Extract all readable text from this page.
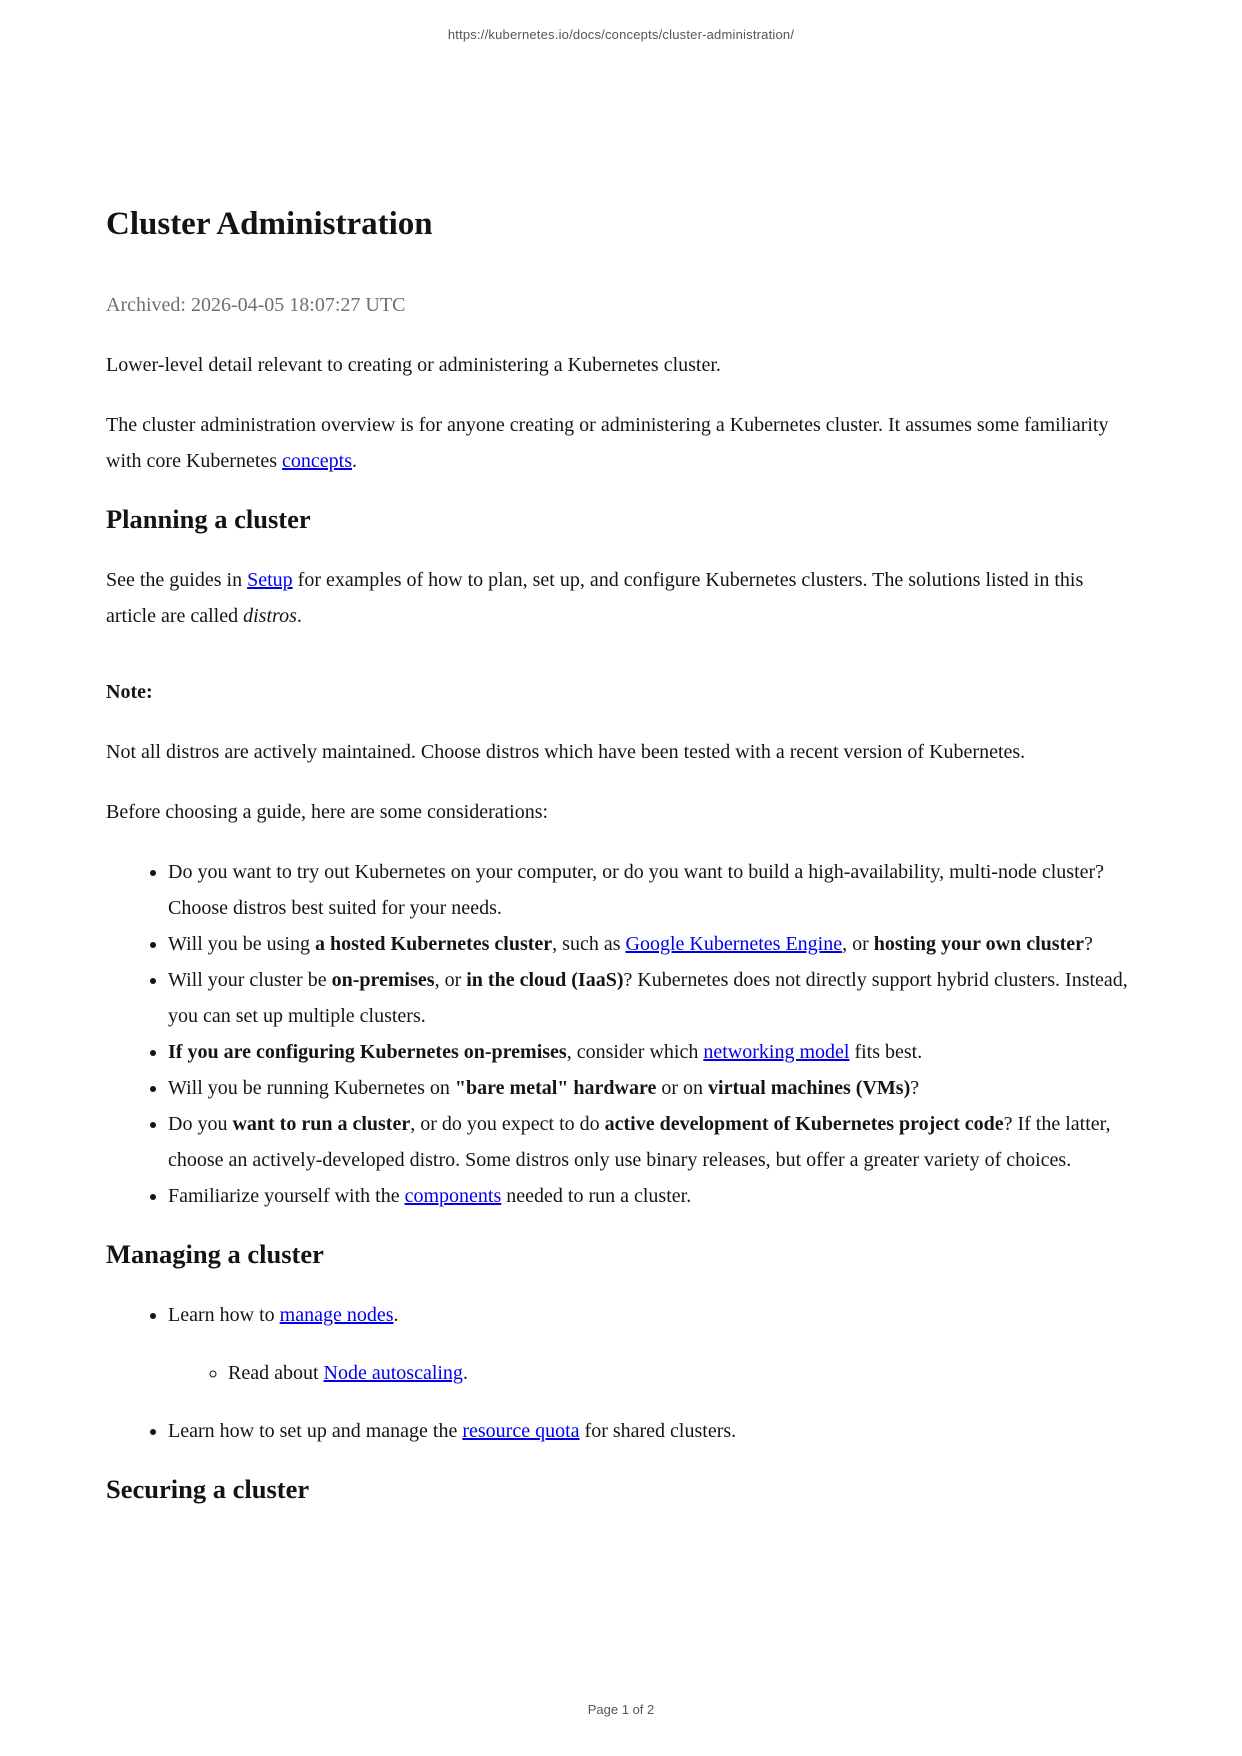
https://kubernetes.io/docs/concepts/cluster-administration/
Cluster Administration

Archived: 2026-04-05 18:07:27 UTC

Lower-level detail relevant to creating or administering a Kubernetes cluster.

The cluster administration overview is for anyone creating or administering a Kubernetes cluster. It assumes some familiarity with core Kubernetes concepts.

Planning a cluster

See the guides in Setup for examples of how to plan, set up, and configure Kubernetes clusters. The solutions listed in this article are called distros.

Note:

Not all distros are actively maintained. Choose distros which have been tested with a recent version of Kubernetes.

Before choosing a guide, here are some considerations:

• Do you want to try out Kubernetes on your computer, or do you want to build a high-availability, multi-node cluster? Choose distros best suited for your needs.
• Will you be using a hosted Kubernetes cluster, such as Google Kubernetes Engine, or hosting your own cluster?
• Will your cluster be on-premises, or in the cloud (IaaS)? Kubernetes does not directly support hybrid clusters. Instead, you can set up multiple clusters.
• If you are configuring Kubernetes on-premises, consider which networking model fits best.
• Will you be running Kubernetes on "bare metal" hardware or on virtual machines (VMs)?
• Do you want to run a cluster, or do you expect to do active development of Kubernetes project code? If the latter, choose an actively-developed distro. Some distros only use binary releases, but offer a greater variety of choices.
• Familiarize yourself with the components needed to run a cluster.
Managing a cluster

• Learn how to manage nodes.

◦ Read about Node autoscaling.

• Learn how to set up and manage the resource quota for shared clusters.

Securing a cluster
Page 1 of 2
